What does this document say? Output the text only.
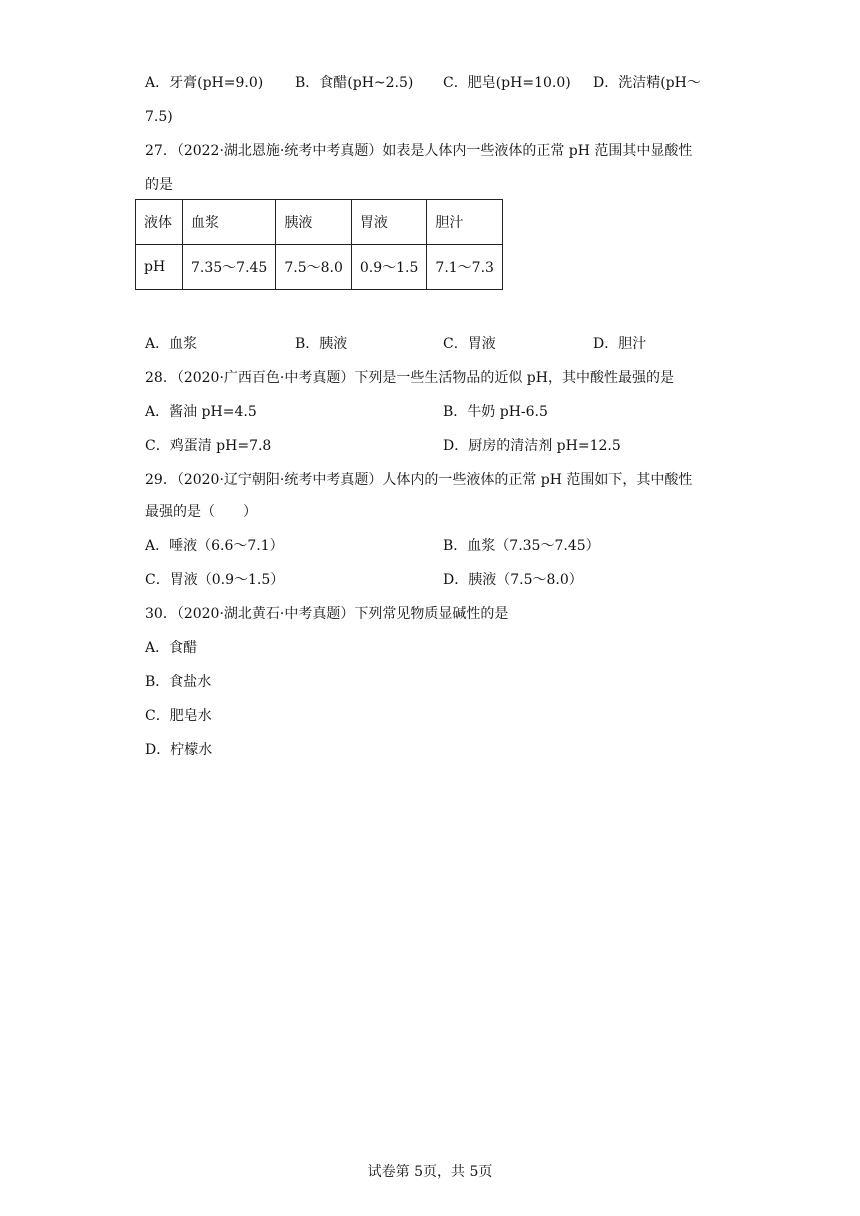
A．牙膏(pH=9.0) B．食醋(pH~2.5) C．肥皂(pH=10.0) D．洗洁精(pH～
7.5)
27．（2022·湖北恩施·统考中考真题）如表是人体内一些液体的正常 pH 范围其中显酸性
的是
液体	血浆	胰液	胃液	胆汁
pH	7.35～7.45	7.5～8.0	0.9～1.5	7.1～7.3
A．血浆	B．胰液	C．胃液	D．胆汁
28．（2020·广西百色·中考真题）下列是一些生活物品的近似 pH，其中酸性最强的是
A．酱油 pH=4.5	B．牛奶 pH-6.5
C．鸡蛋清 pH=7.8	D．厨房的清洁剂 pH=12.5
29．（2020·辽宁朝阳·统考中考真题）人体内的一些液体的正常 pH 范围如下，其中酸性
最强的是（　　）
A．唾液（6.6～7.1）	B．血浆（7.35～7.45）
C．胃液（0.9～1.5）	D．胰液（7.5～8.0）
30．（2020·湖北黄石·中考真题）下列常见物质显碱性的是
A．食醋
B．食盐水
C．肥皂水
D．柠檬水
试卷第 5页，共 5页
